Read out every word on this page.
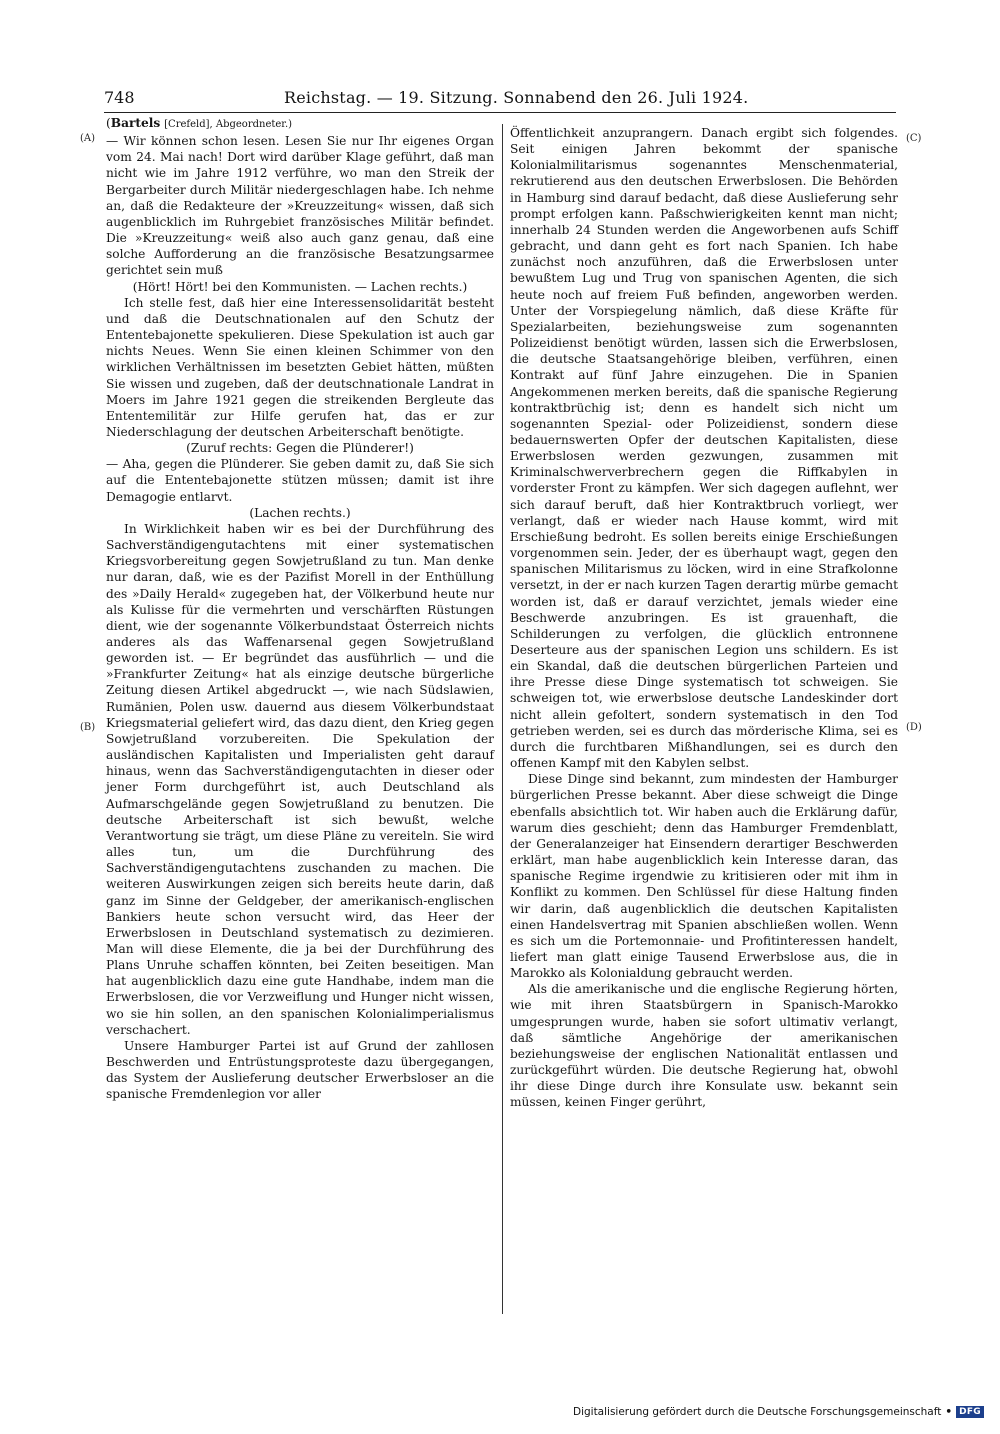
748	Reichstag. — 19. Sitzung. Sonnabend den 26. Juli 1924.
(A)
(B)
(C)
(D)

(Bartels [Crefeld], Abgeordneter.)

— Wir können schon lesen. Lesen Sie nur Ihr eigenes Organ vom 24. Mai nach! Dort wird darüber Klage geführt, daß man nicht wie im Jahre 1912 verführe, wo man den Streik der Bergarbeiter durch Militär niedergeschlagen habe. Ich nehme an, daß die Redakteure der »Kreuzzeitung« wissen, daß sich augenblicklich im Ruhrgebiet französisches Militär befindet. Die »Kreuzzeitung« weiß also auch ganz genau, daß eine solche Aufforderung an die französische Besatzungsarmee gerichtet sein muß

(Hört! Hört! bei den Kommunisten. — Lachen rechts.)

Ich stelle fest, daß hier eine Interessensolidarität besteht und daß die Deutschnationalen auf den Schutz der Ententebajonette spekulieren. Diese Spekulation ist auch gar nichts Neues. Wenn Sie einen kleinen Schimmer von den wirklichen Verhältnissen im besetzten Gebiet hätten, müßten Sie wissen und zugeben, daß der deutschnationale Landrat in Moers im Jahre 1921 gegen die streikenden Bergleute das Ententemilitär zur Hilfe gerufen hat, das er zur Niederschlagung der deutschen Arbeiterschaft benötigte.

(Zuruf rechts: Gegen die Plünderer!)

— Aha, gegen die Plünderer. Sie geben damit zu, daß Sie sich auf die Ententebajonette stützen müssen; damit ist ihre Demagogie entlarvt.

(Lachen rechts.)

In Wirklichkeit haben wir es bei der Durchführung des Sachverständigengutachtens mit einer systematischen Kriegsvorbereitung gegen Sowjetrußland zu tun. Man denke nur daran, daß, wie es der Pazifist Morell in der Enthüllung des »Daily Herald« zugegeben hat, der Völkerbund heute nur als Kulisse für die vermehrten und verschärften Rüstungen dient, wie der sogenannte Völkerbundstaat Österreich nichts anderes als das Waffenarsenal gegen Sowjetrußland geworden ist. — Er begründet das ausführlich — und die »Frankfurter Zeitung« hat als einzige deutsche bürgerliche Zeitung diesen Artikel abgedruckt —, wie nach Südslawien, Rumänien, Polen usw. dauernd aus diesem Völkerbundstaat Kriegsmaterial geliefert wird, das dazu dient, den Krieg gegen Sowjetrußland vorzubereiten. Die Spekulation der ausländischen Kapitalisten und Imperialisten geht darauf hinaus, wenn das Sachverständigengutachten in dieser oder jener Form durchgeführt ist, auch Deutschland als Aufmarschgelände gegen Sowjetrußland zu benutzen. Die deutsche Arbeiterschaft ist sich bewußt, welche Verantwortung sie trägt, um diese Pläne zu vereiteln. Sie wird alles tun, um die Durchführung des Sachverständigengutachtens zuschanden zu machen. Die weiteren Auswirkungen zeigen sich bereits heute darin, daß ganz im Sinne der Geldgeber, der amerikanisch-englischen Bankiers heute schon versucht wird, das Heer der Erwerbslosen in Deutschland systematisch zu dezimieren. Man will diese Elemente, die ja bei der Durchführung des Plans Unruhe schaffen könnten, bei Zeiten beseitigen. Man hat augenblicklich dazu eine gute Handhabe, indem man die Erwerbslosen, die vor Verzweiflung und Hunger nicht wissen, wo sie hin sollen, an den spanischen Kolonialimperialismus verschachert.

Unsere Hamburger Partei ist auf Grund der zahllosen Beschwerden und Entrüstungsproteste dazu übergegangen, das System der Auslieferung deutscher Erwerbsloser an die spanische Fremdenlegion vor aller

Öffentlichkeit anzuprangern. Danach ergibt sich folgendes. Seit einigen Jahren bekommt der spanische Kolonialmilitarismus sogenanntes Menschenmaterial, rekrutierend aus den deutschen Erwerbslosen. Die Behörden in Hamburg sind darauf bedacht, daß diese Auslieferung sehr prompt erfolgen kann. Paßschwierigkeiten kennt man nicht; innerhalb 24 Stunden werden die Angeworbenen aufs Schiff gebracht, und dann geht es fort nach Spanien. Ich habe zunächst noch anzuführen, daß die Erwerbslosen unter bewußtem Lug und Trug von spanischen Agenten, die sich heute noch auf freiem Fuß befinden, angeworben werden. Unter der Vorspiegelung nämlich, daß diese Kräfte für Spezialarbeiten, beziehungsweise zum sogenannten Polizeidienst benötigt würden, lassen sich die Erwerbslosen, die deutsche Staatsangehörige bleiben, verführen, einen Kontrakt auf fünf Jahre einzugehen. Die in Spanien Angekommenen merken bereits, daß die spanische Regierung kontraktbrüchig ist; denn es handelt sich nicht um sogenannten Spezial- oder Polizeidienst, sondern diese bedauernswerten Opfer der deutschen Kapitalisten, diese Erwerbslosen werden gezwungen, zusammen mit Kriminalschwerverbrechern gegen die Riffkabylen in vorderster Front zu kämpfen. Wer sich dagegen auflehnt, wer sich darauf beruft, daß hier Kontraktbruch vorliegt, wer verlangt, daß er wieder nach Hause kommt, wird mit Erschießung bedroht. Es sollen bereits einige Erschießungen vorgenommen sein. Jeder, der es überhaupt wagt, gegen den spanischen Militarismus zu löcken, wird in eine Strafkolonne versetzt, in der er nach kurzen Tagen derartig mürbe gemacht worden ist, daß er darauf verzichtet, jemals wieder eine Beschwerde anzubringen. Es ist grauenhaft, die Schilderungen zu verfolgen, die glücklich entronnene Deserteure aus der spanischen Legion uns schildern. Es ist ein Skandal, daß die deutschen bürgerlichen Parteien und ihre Presse diese Dinge systematisch tot schweigen. Sie schweigen tot, wie erwerbslose deutsche Landeskinder dort nicht allein gefoltert, sondern systematisch in den Tod getrieben werden, sei es durch das mörderische Klima, sei es durch die furchtbaren Mißhandlungen, sei es durch den offenen Kampf mit den Kabylen selbst.

Diese Dinge sind bekannt, zum mindesten der Hamburger bürgerlichen Presse bekannt. Aber diese schweigt die Dinge ebenfalls absichtlich tot. Wir haben auch die Erklärung dafür, warum dies geschieht; denn das Hamburger Fremdenblatt, der Generalanzeiger hat Einsendern derartiger Beschwerden erklärt, man habe augenblicklich kein Interesse daran, das spanische Regime irgendwie zu kritisieren oder mit ihm in Konflikt zu kommen. Den Schlüssel für diese Haltung finden wir darin, daß augenblicklich die deutschen Kapitalisten einen Handelsvertrag mit Spanien abschließen wollen. Wenn es sich um die Portemonnaie- und Profitinteressen handelt, liefert man glatt einige Tausend Erwerbslose aus, die in Marokko als Kolonialdung gebraucht werden.

Als die amerikanische und die englische Regierung hörten, wie mit ihren Staatsbürgern in Spanisch-Marokko umgesprungen wurde, haben sie sofort ultimativ verlangt, daß sämtliche Angehörige der amerikanischen beziehungsweise der englischen Nationalität entlassen und zurückgeführt würden. Die deutsche Regierung hat, obwohl ihr diese Dinge durch ihre Konsulate usw. bekannt sein müssen, keinen Finger gerührt,

Digitalisierung gefördert durch die Deutsche Forschungsgemeinschaft • DFG
